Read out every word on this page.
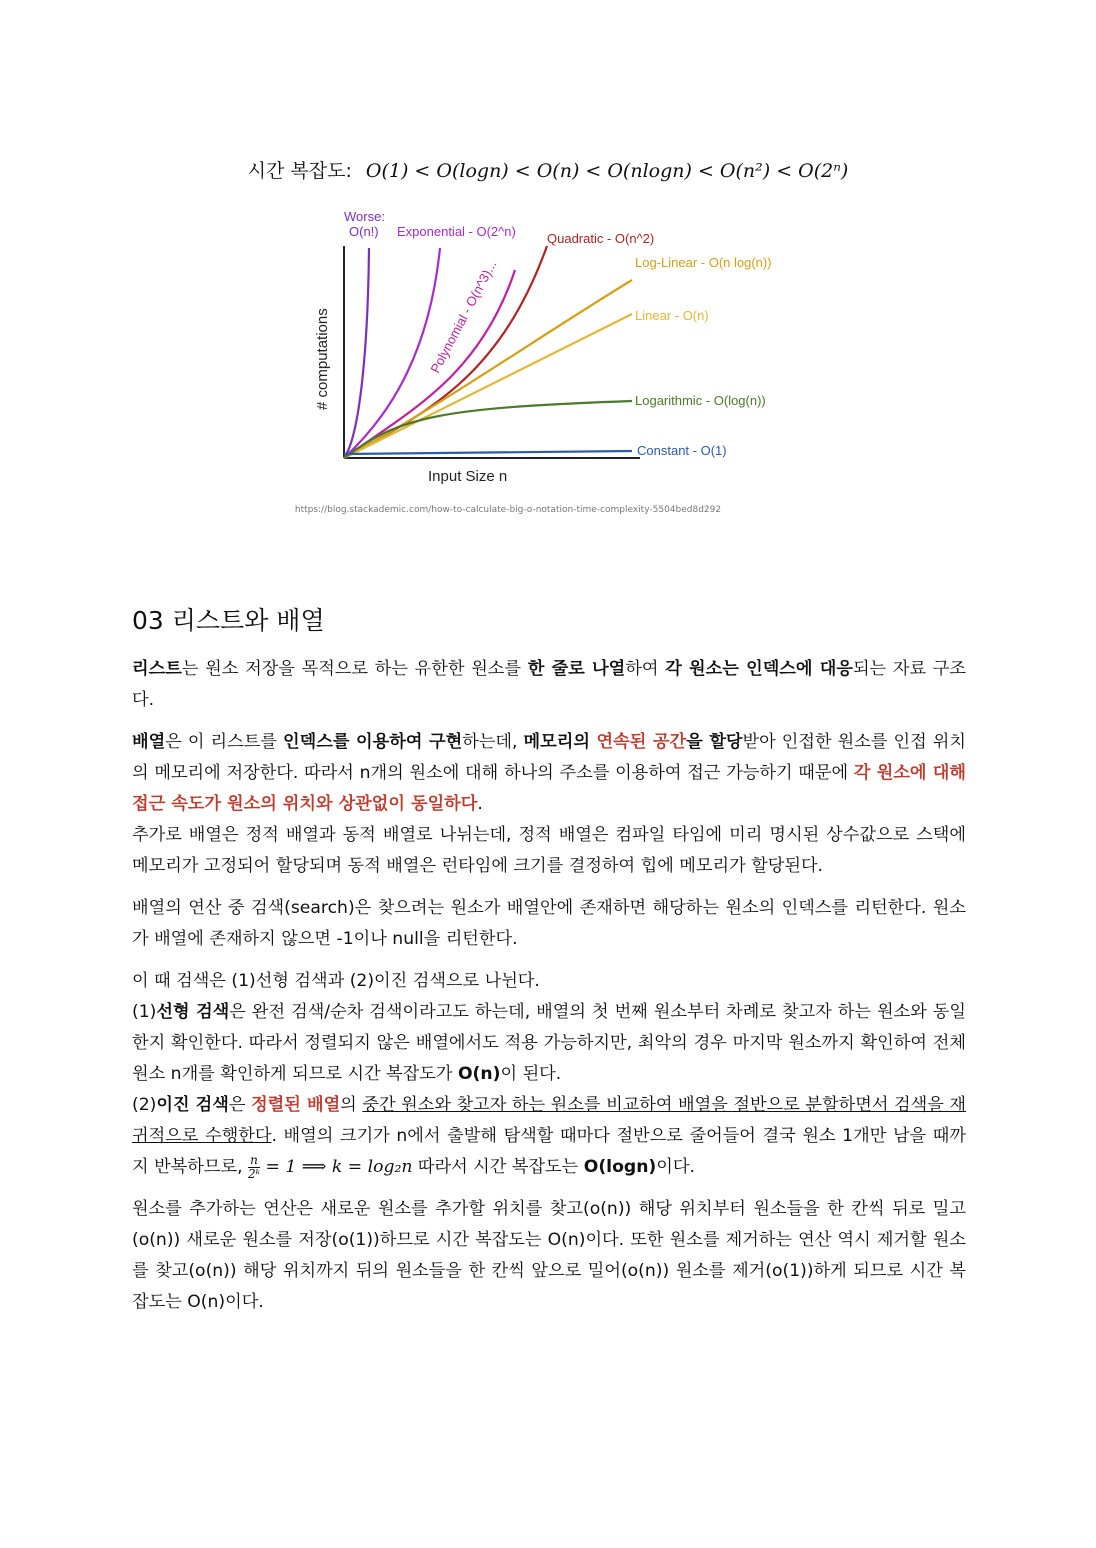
시간 복잡도: O(1) < O(logn) < O(n) < O(nlogn) < O(n²) < O(2ⁿ)
Worse:
O(n!) Exponential - O(2^n)
Polynomial - O(n^3)...
Quadratic - O(n^2)
Log-Linear - O(n log(n))
Linear - O(n)
Logarithmic - O(log(n))
Constant - O(1)
Input Size n
# computations
https://blog.stackademic.com/how-to-calculate-big-o-notation-time-complexity-5504bed8d292
03 리스트와 배열

리스트는 원소 저장을 목적으로 하는 유한한 원소를 한 줄로 나열하여 각 원소는 인덱스에 대응되는 자료 구조다.

배열은 이 리스트를 인덱스를 이용하여 구현하는데, 메모리의 연속된 공간을 할당받아 인접한 원소를 인접 위치의 메모리에 저장한다. 따라서 n개의 원소에 대해 하나의 주소를 이용하여 접근 가능하기 때문에 각 원소에 대해 접근 속도가 원소의 위치와 상관없이 동일하다.
추가로 배열은 정적 배열과 동적 배열로 나뉘는데, 정적 배열은 컴파일 타임에 미리 명시된 상수값으로 스택에 메모리가 고정되어 할당되며 동적 배열은 런타임에 크기를 결정하여 힙에 메모리가 할당된다.

배열의 연산 중 검색(search)은 찾으려는 원소가 배열안에 존재하면 해당하는 원소의 인덱스를 리턴한다. 원소가 배열에 존재하지 않으면 -1이나 null을 리턴한다.

이 때 검색은 (1)선형 검색과 (2)이진 검색으로 나뉜다.
(1)선형 검색은 완전 검색/순차 검색이라고도 하는데, 배열의 첫 번째 원소부터 차례로 찾고자 하는 원소와 동일한지 확인한다. 따라서 정렬되지 않은 배열에서도 적용 가능하지만, 최악의 경우 마지막 원소까지 확인하여 전체 원소 n개를 확인하게 되므로 시간 복잡도가 O(n)이 된다.
(2)이진 검색은 정렬된 배열의 중간 원소와 찾고자 하는 원소를 비교하여 배열을 절반으로 분할하면서 검색을 재귀적으로 수행한다. 배열의 크기가 n에서 출발해 탐색할 때마다 절반으로 줄어들어 결국 원소 1개만 남을 때까지 반복하므로, $\frac{n}{\text{2ᵏ}} = 1$ ⟹ k = log₂n 따라서 시간 복잡도는 O(logn)이다.

원소를 추가하는 연산은 새로운 원소를 추가할 위치를 찾고(o(n)) 해당 위치부터 원소들을 한 칸씩 뒤로 밀고(o(n)) 새로운 원소를 저장(o(1))하므로 시간 복잡도는 O(n)이다. 또한 원소를 제거하는 연산 역시 제거할 원소를 찾고(o(n)) 해당 위치까지 뒤의 원소들을 한 칸씩 앞으로 밀어(o(n)) 원소를 제거(o(1))하게 되므로 시간 복잡도는 O(n)이다.
